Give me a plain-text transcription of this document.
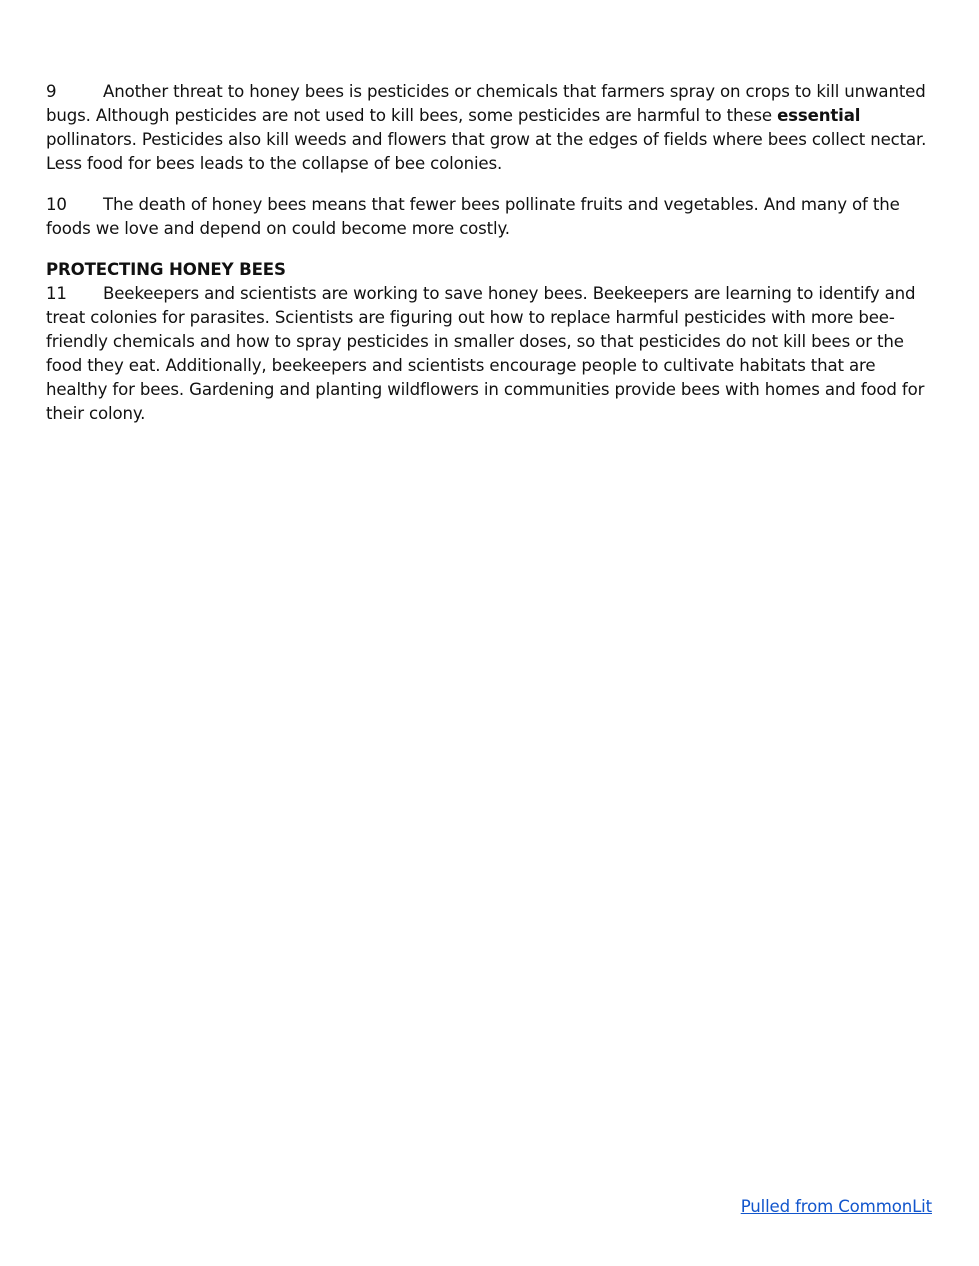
9	Another threat to honey bees is pesticides or chemicals that farmers spray on crops to kill unwanted bugs. Although pesticides are not used to kill bees, some pesticides are harmful to these essential pollinators. Pesticides also kill weeds and flowers that grow at the edges of fields where bees collect nectar. Less food for bees leads to the collapse of bee colonies.

10 The death of honey bees means that fewer bees pollinate fruits and vegetables. And many of the foods we love and depend on could become more costly.

PROTECTING HONEY BEES

11 Beekeepers and scientists are working to save honey bees. Beekeepers are learning to identify and treat colonies for parasites. Scientists are figuring out how to replace harmful pesticides with more bee-friendly chemicals and how to spray pesticides in smaller doses, so that pesticides do not kill bees or the food they eat. Additionally, beekeepers and scientists encourage people to cultivate habitats that are healthy for bees. Gardening and planting wildflowers in communities provide bees with homes and food for their colony.

Pulled from CommonLit
